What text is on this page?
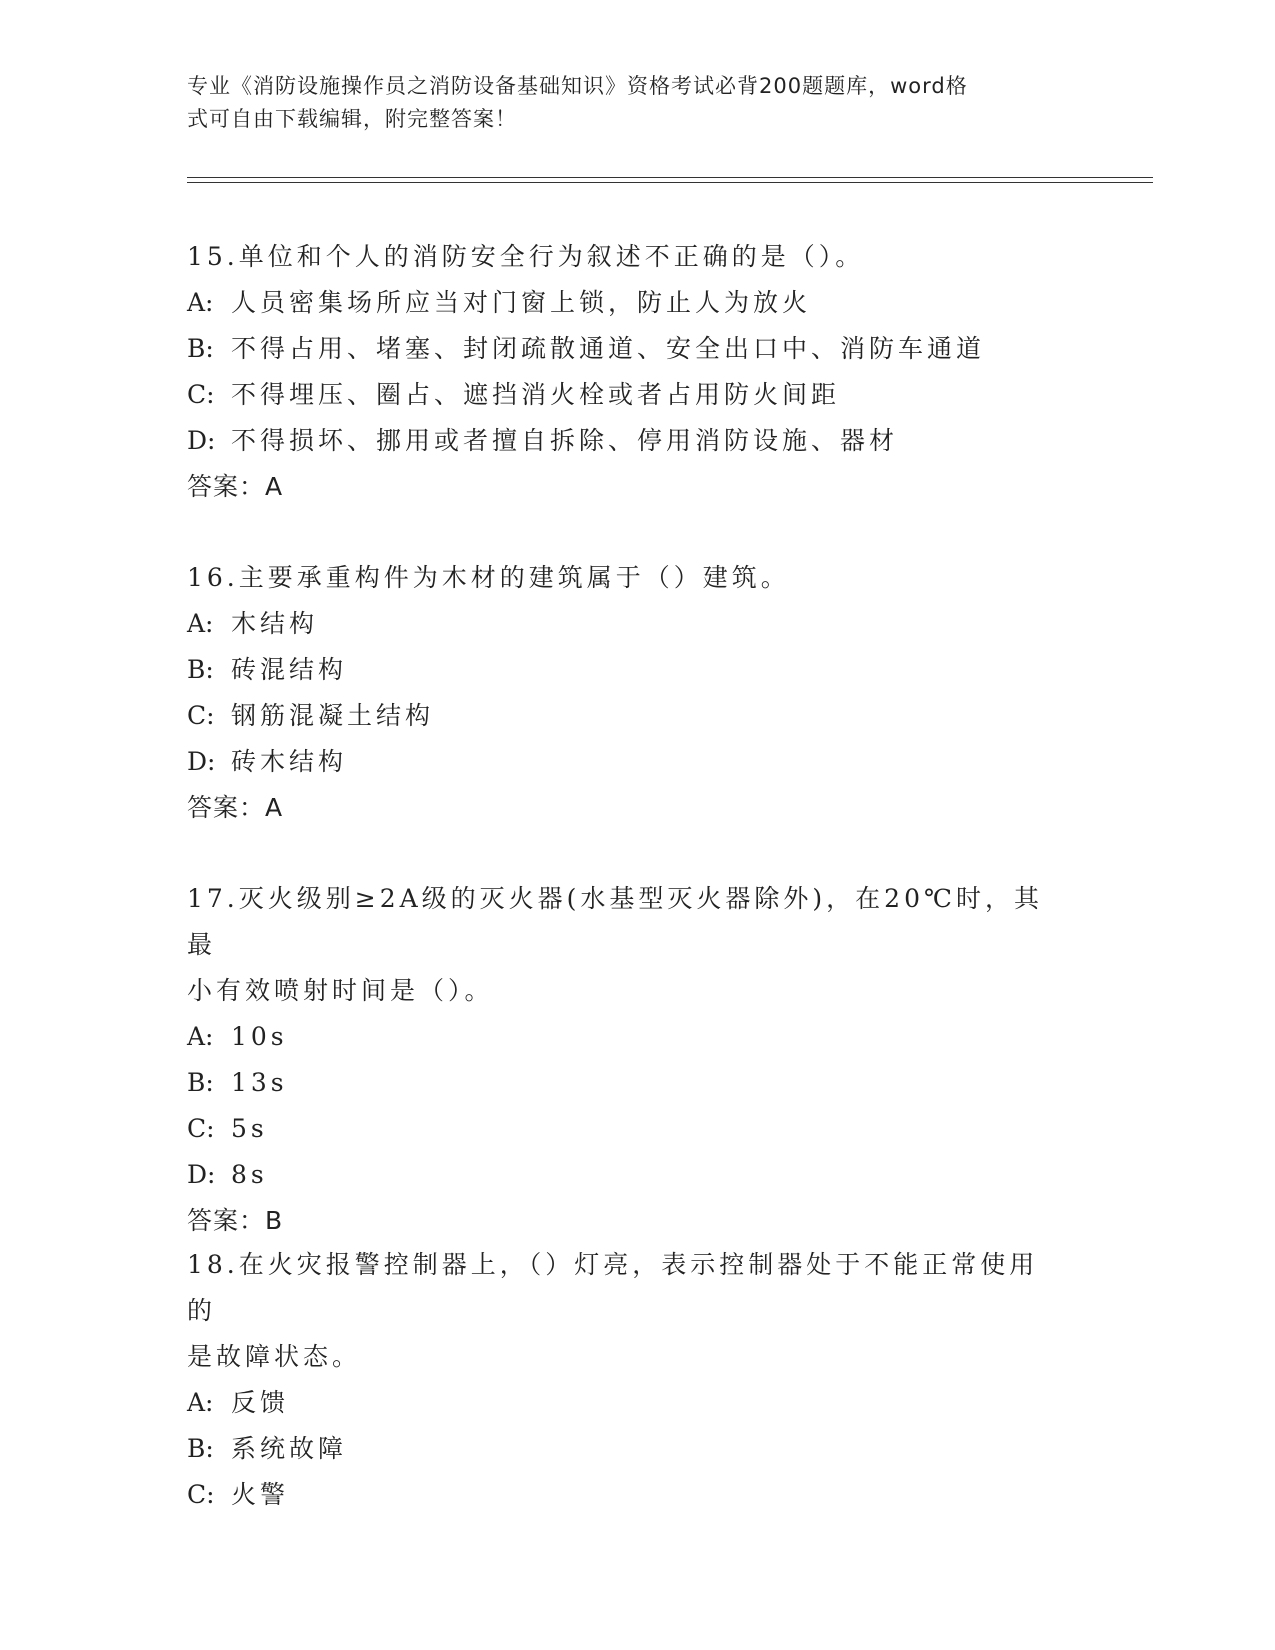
专业《消防设施操作员之消防设备基础知识》资格考试必背200题题库，word格
式可自由下载编辑，附完整答案！
15.单位和个人的消防安全行为叙述不正确的是（）。
A: 人员密集场所应当对门窗上锁，防止人为放火
B: 不得占用、堵塞、封闭疏散通道、安全出口中、消防车通道
C: 不得埋压、圈占、遮挡消火栓或者占用防火间距
D: 不得损坏、挪用或者擅自拆除、停用消防设施、器材
答案：A
16.主要承重构件为木材的建筑属于（）建筑。
A: 木结构
B: 砖混结构
C: 钢筋混凝土结构
D: 砖木结构
答案：A
17.灭火级别≥2A级的灭火器(水基型灭火器除外)，在20℃时，其最
小有效喷射时间是（）。
A: 10s
B: 13s
C: 5s
D: 8s
答案：B
18.在火灾报警控制器上，（）灯亮，表示控制器处于不能正常使用的
是故障状态。
A: 反馈
B: 系统故障
C: 火警
